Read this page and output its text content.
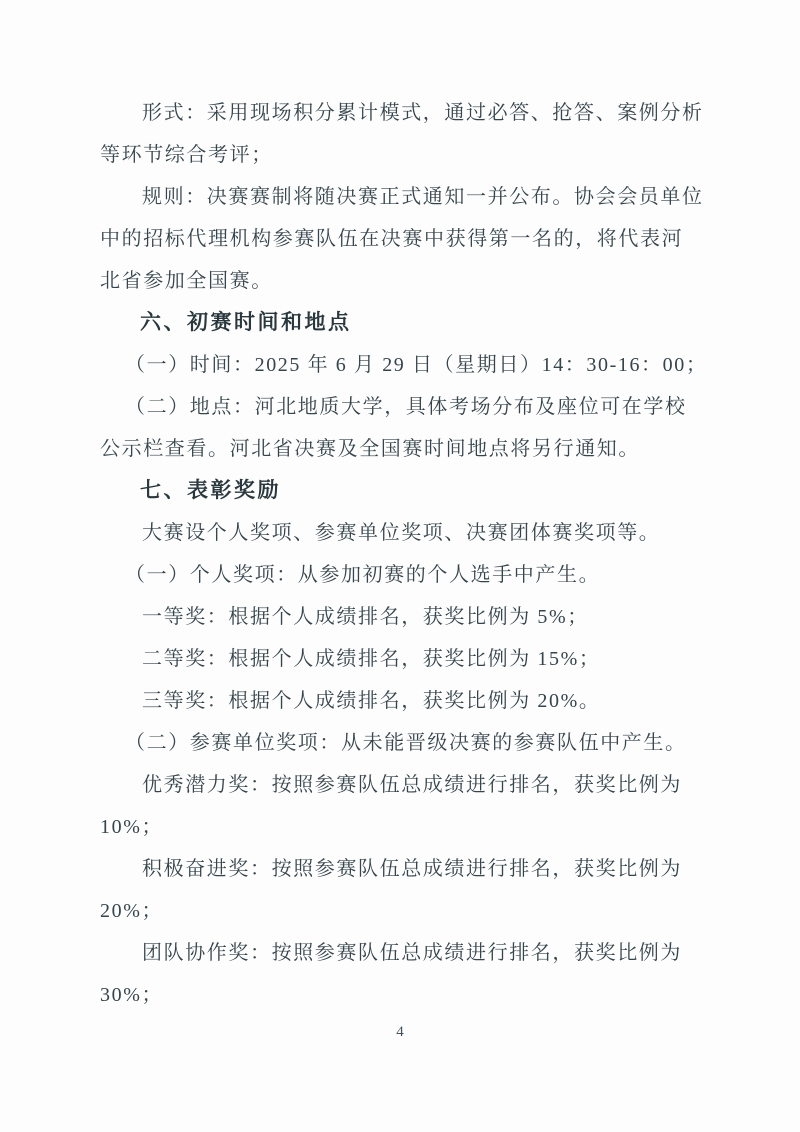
形式：采用现场积分累计模式，通过必答、抢答、案例分析
等环节综合考评；
规则：决赛赛制将随决赛正式通知一并公布。协会会员单位
中的招标代理机构参赛队伍在决赛中获得第一名的，将代表河
北省参加全国赛。
六、初赛时间和地点
（一）时间：2025 年 6 月 29 日（星期日）14：30-16：00；
（二）地点：河北地质大学，具体考场分布及座位可在学校
公示栏查看。河北省决赛及全国赛时间地点将另行通知。
七、表彰奖励
大赛设个人奖项、参赛单位奖项、决赛团体赛奖项等。
（一）个人奖项：从参加初赛的个人选手中产生。
一等奖：根据个人成绩排名，获奖比例为 5%；
二等奖：根据个人成绩排名，获奖比例为 15%；
三等奖：根据个人成绩排名，获奖比例为 20%。
（二）参赛单位奖项：从未能晋级决赛的参赛队伍中产生。
优秀潜力奖：按照参赛队伍总成绩进行排名，获奖比例为
10%；
积极奋进奖：按照参赛队伍总成绩进行排名，获奖比例为
20%；
团队协作奖：按照参赛队伍总成绩进行排名，获奖比例为
30%；
4
